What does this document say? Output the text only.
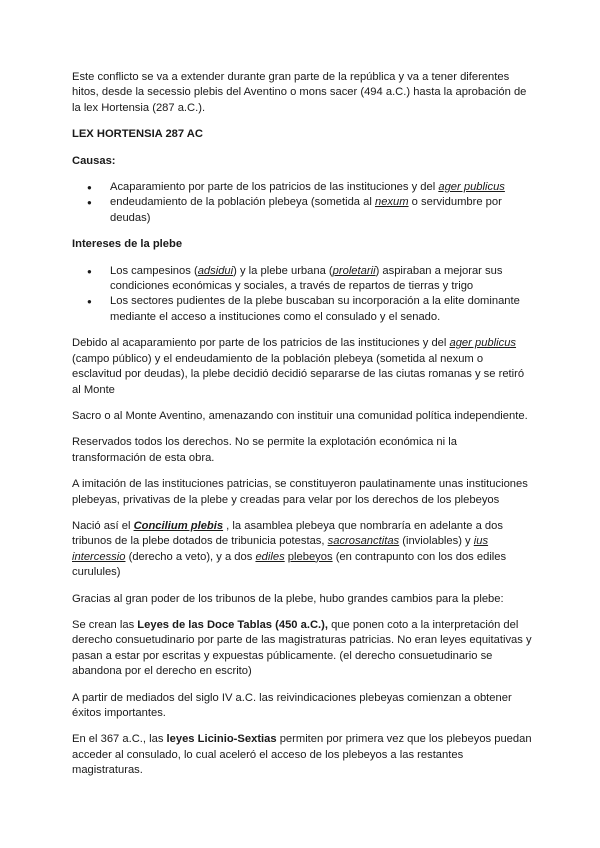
Este conflicto se va a extender durante gran parte de la república y va a tener diferentes hitos, desde la secessio plebis del Aventino o mons sacer (494 a.C.) hasta la aprobación de la lex Hortensia (287 a.C.).

LEX HORTENSIA 287 AC
Causas:
● Acaparamiento por parte de los patricios de las instituciones y del ager publicus
● endeudamiento de la población plebeya (sometida al nexum o servidumbre por deudas)
Intereses de la plebe
● Los campesinos (adsidui) y la plebe urbana (proletarii) aspiraban a mejorar sus condiciones económicas y sociales, a través de repartos de tierras y trigo
● Los sectores pudientes de la plebe buscaban su incorporación a la elite dominante mediante el acceso a instituciones como el consulado y el senado.

Debido al acaparamiento por parte de los patricios de las instituciones y del ager publicus (campo público) y el endeudamiento de la población plebeya (sometida al nexum o esclavitud por deudas), la plebe decidió decidió separarse de las ciutas romanas y se retiró al Monte

Sacro o al Monte Aventino, amenazando con instituir una comunidad política independiente.

Reservados todos los derechos. No se permite la explotación económica ni la transformación de esta obra.

A imitación de las instituciones patricias, se constituyeron paulatinamente unas instituciones plebeyas, privativas de la plebe y creadas para velar por los derechos de los plebeyos

Nació así el Concilium plebis , la asamblea plebeya que nombraría en adelante a dos tribunos de la plebe dotados de tribunicia potestas, sacrosanctitas (inviolables) y ius intercessio (derecho a veto), y a dos ediles plebeyos (en contrapunto con los dos ediles curulules)

Gracias al gran poder de los tribunos de la plebe, hubo grandes cambios para la plebe:

Se crean las Leyes de las Doce Tablas (450 a.C.), que ponen coto a la interpretación del derecho consuetudinario por parte de las magistraturas patricias. No eran leyes equitativas y pasan a estar por escritas y expuestas públicamente. (el derecho consuetudinario se abandona por el derecho en escrito)

A partir de mediados del siglo IV a.C. las reivindicaciones plebeyas comienzan a obtener éxitos importantes.

En el 367 a.C., las leyes Licinio-Sextias permiten por primera vez que los plebeyos puedan acceder al consulado, lo cual aceleró el acceso de los plebeyos a las restantes magistraturas.
